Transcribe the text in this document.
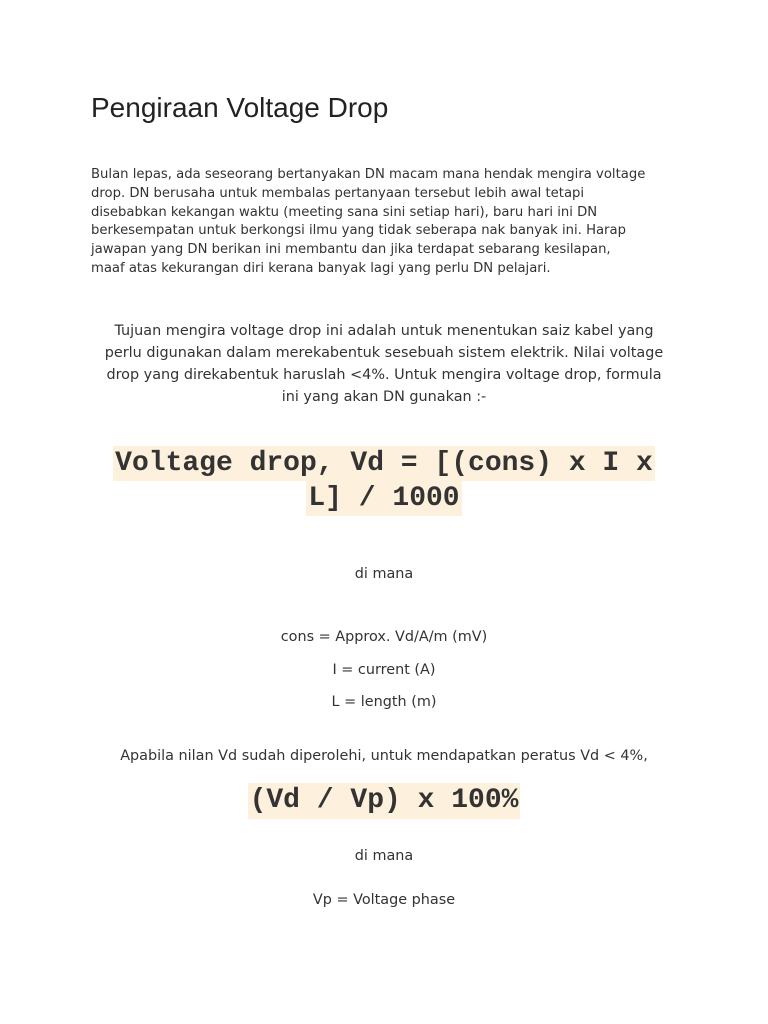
Pengiraan Voltage Drop

Bulan lepas, ada seseorang bertanyakan DN macam mana hendak mengira voltage
drop. DN berusaha untuk membalas pertanyaan tersebut lebih awal tetapi
disebabkan kekangan waktu (meeting sana sini setiap hari), baru hari ini DN
berkesempatan untuk berkongsi ilmu yang tidak seberapa nak banyak ini. Harap
jawapan yang DN berikan ini membantu dan jika terdapat sebarang kesilapan,
maaf atas kekurangan diri kerana banyak lagi yang perlu DN pelajari.

Tujuan mengira voltage drop ini adalah untuk menentukan saiz kabel yang
perlu digunakan dalam merekabentuk sesebuah sistem elektrik. Nilai voltage
drop yang direkabentuk haruslah <4%. Untuk mengira voltage drop, formula
ini yang akan DN gunakan :-

Voltage drop, Vd = [(cons) x I x
L] / 1000

di mana

cons = Approx. Vd/A/m (mV)

I = current (A)

L = length (m)

Apabila nilan Vd sudah diperolehi, untuk mendapatkan peratus Vd < 4%,

(Vd / Vp) x 100%

di mana

Vp = Voltage phase
